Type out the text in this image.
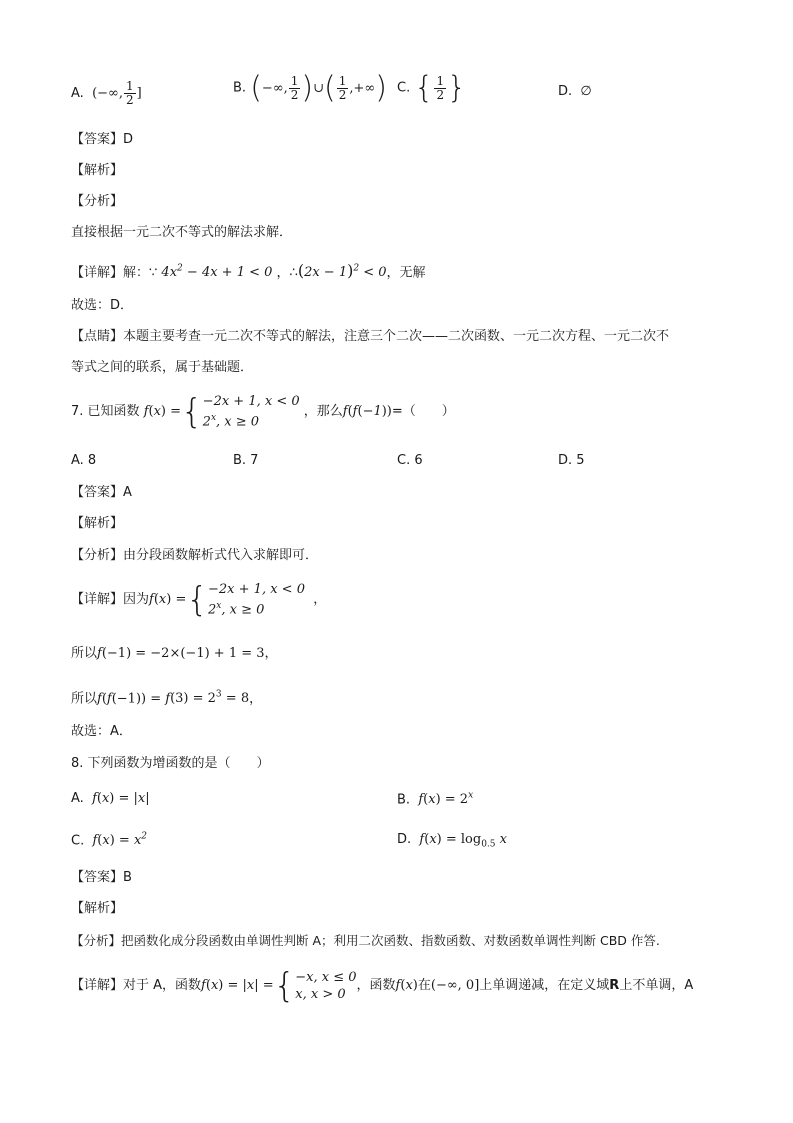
A.  (−∞, $\frac{1}{2}$ ]	B. (−∞, $\frac{1}{2}$ )∪( $\frac{1}{2}$ ,+∞) C. { $\frac{1}{2}$ }	D. ∅
【答案】D
【解析】
【分析】
直接根据一元二次不等式的解法求解．
【详解】解：∵ $4x^2 - 4x + 1 < 0$ ，∴(2x − 1)$^2$ < 0，无解
故选：D．
【点睛】本题主要考查一元二次不等式的解法，注意三个二次——二次函数、一元二次方程、一元二次不
等式之间的联系，属于基础题．
7. 已知函数 f(x) = { −2x + 1, x < 0
2$^x$, x ≥ 0
，那么f(f(−1))=（　　）
A. 8	B. 7	C. 6	D. 5
【答案】A
【解析】
【分析】由分段函数解析式代入求解即可．
【详解】因为f(x) = { −2x + 1, x < 0
2$^x$, x ≥ 0
，
所以f(−1) = −2×(−1) + 1 = 3，
所以$f(f(-1)) = f(3) = 2^3 = 8$，
故选：A．
8. 下列函数为增函数的是（　　）
A. f(x) = |x|	B. $f(x) = 2^x$
C. $f(x) = x^2$	D. $f(x) = \log_{0.5} x$
【答案】B
【解析】
【分析】把函数化成分段函数由单调性判断 A；利用二次函数、指数函数、对数函数单调性判断 CBD 作答.
【详解】对于 A，函数f(x) = |x| = { −x, x ≤ 0
x, x > 0
，函数f(x)在(−∞, 0]上单调递减，在定义域R上不单调，A
